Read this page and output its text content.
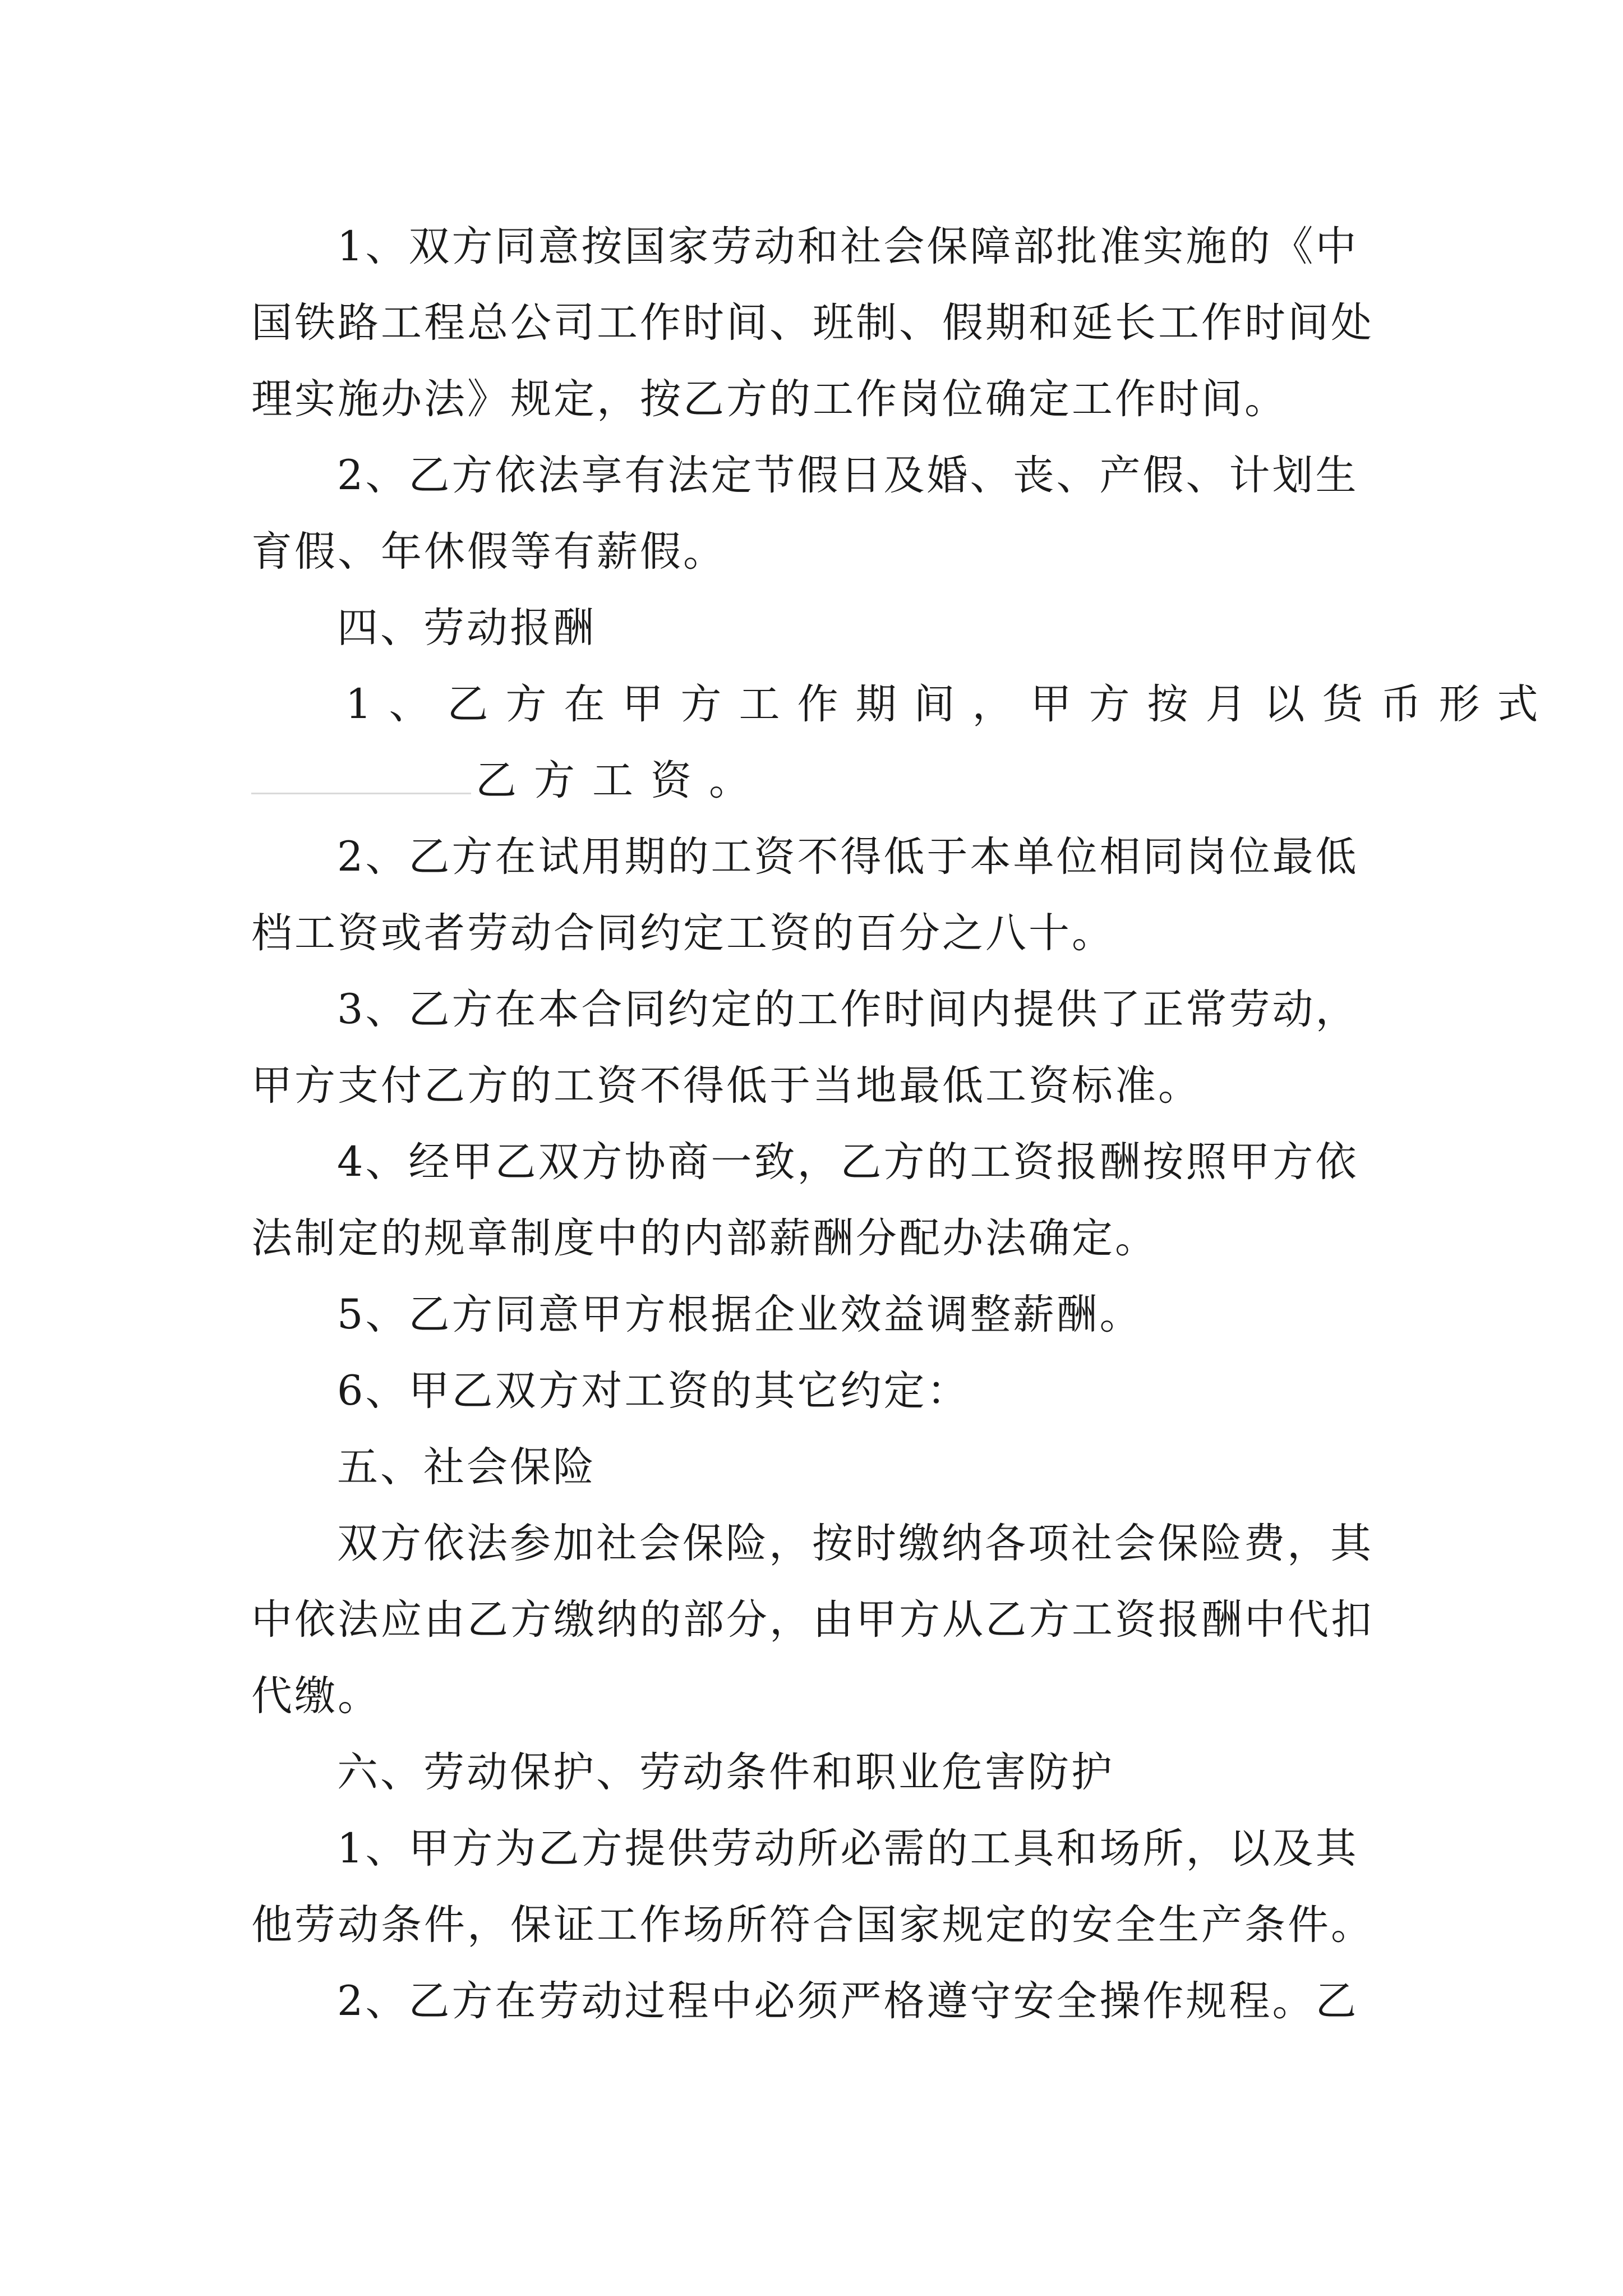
1、双方同意按国家劳动和社会保障部批准实施的《中
国铁路工程总公司工作时间、班制、假期和延长工作时间处
理实施办法》规定，按乙方的工作岗位确定工作时间。
2、乙方依法享有法定节假日及婚、丧、产假、计划生
育假、年休假等有薪假。
四、劳动报酬
1、乙方在甲方工作期间，甲方按月以货币形式
乙方工资。
2、乙方在试用期的工资不得低于本单位相同岗位最低
档工资或者劳动合同约定工资的百分之八十。
3、乙方在本合同约定的工作时间内提供了正常劳动，
甲方支付乙方的工资不得低于当地最低工资标准。
4、经甲乙双方协商一致，乙方的工资报酬按照甲方依
法制定的规章制度中的内部薪酬分配办法确定。
5、乙方同意甲方根据企业效益调整薪酬。
6、甲乙双方对工资的其它约定：
五、社会保险
双方依法参加社会保险，按时缴纳各项社会保险费，其
中依法应由乙方缴纳的部分，由甲方从乙方工资报酬中代扣
代缴。
六、劳动保护、劳动条件和职业危害防护
1、甲方为乙方提供劳动所必需的工具和场所，以及其
他劳动条件，保证工作场所符合国家规定的安全生产条件。
2、乙方在劳动过程中必须严格遵守安全操作规程。乙
